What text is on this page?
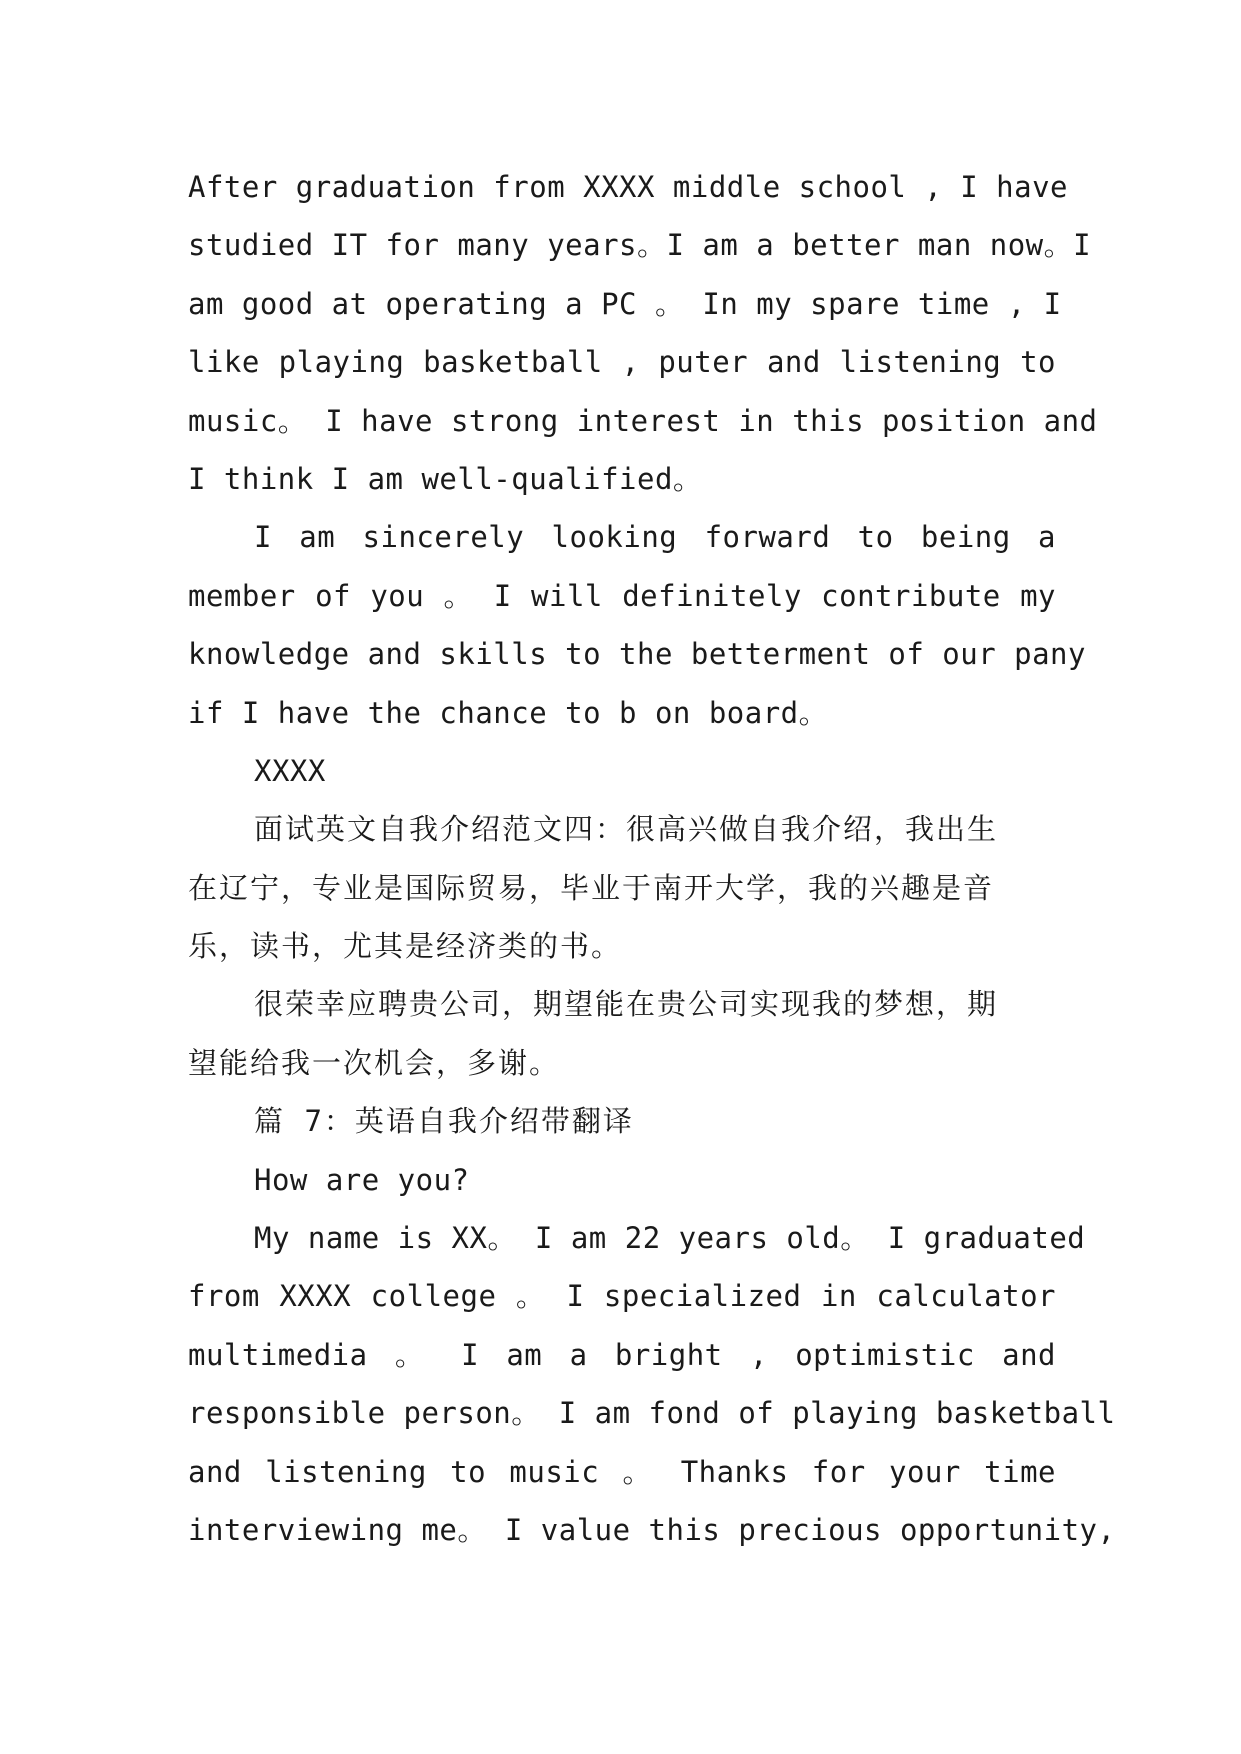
After graduation from XXXX middle school , I have
studied IT for many years。I am a better man now。I
am good at operating a PC 。 In my spare time , I
like playing basketball , puter and listening to
music。 I have strong interest in this position and
I think I am well-qualified。
I am sincerely looking forward to being a
member of you 。 I will definitely contribute my
knowledge and skills to the betterment of our pany
if I have the chance to b on board。
XXXX
面试英文自我介绍范文四：很高兴做自我介绍，我出生
在辽宁，专业是国际贸易，毕业于南开大学，我的兴趣是音
乐，读书，尤其是经济类的书。
很荣幸应聘贵公司，期望能在贵公司实现我的梦想，期
望能给我一次机会，多谢。
篇 7：英语自我介绍带翻译
How are you?
My name is XX。 I am 22 years old。 I graduated
from XXXX college 。 I specialized in calculator
multimedia 。 I am a bright , optimistic and
responsible person。 I am fond of playing basketball
and listening to music 。 Thanks for your time
interviewing me。 I value this precious opportunity,
